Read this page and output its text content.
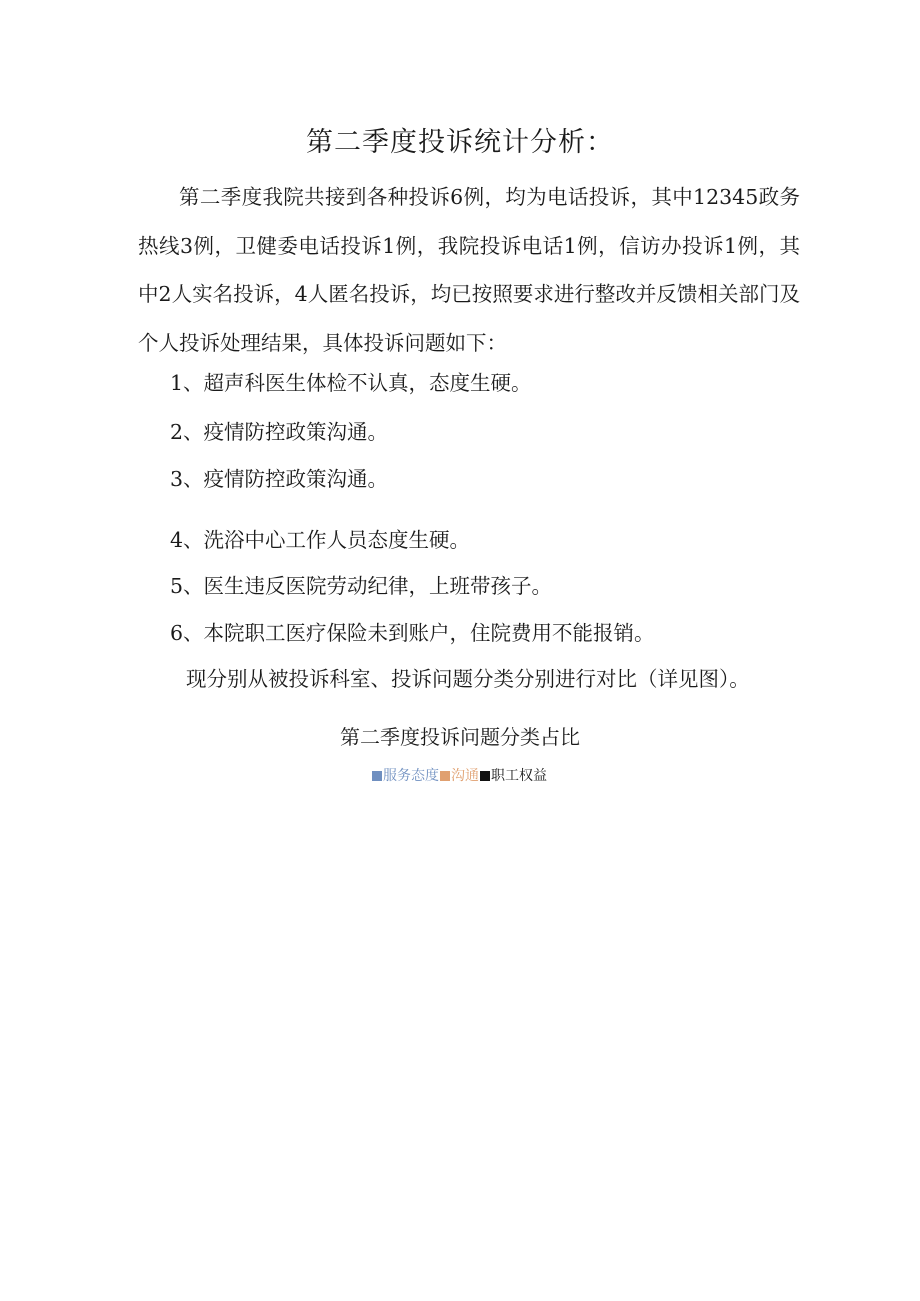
第二季度投诉统计分析：

第二季度我院共接到各种投诉6例，均为电话投诉，其中12345政务热线3例，卫健委电话投诉1例，我院投诉电话1例，信访办投诉1例，其中2人实名投诉，4人匿名投诉，均已按照要求进行整改并反馈相关部门及个人投诉处理结果，具体投诉问题如下：

1、超声科医生体检不认真，态度生硬。
2、疫情防控政策沟通。
3、疫情防控政策沟通。
4、洗浴中心工作人员态度生硬。
5、医生违反医院劳动纪律，上班带孩子。
6、本院职工医疗保险未到账户，住院费用不能报销。

现分别从被投诉科室、投诉问题分类分别进行对比（详见图）。

第二季度投诉问题分类占比
服务态度 沟通 职工权益
